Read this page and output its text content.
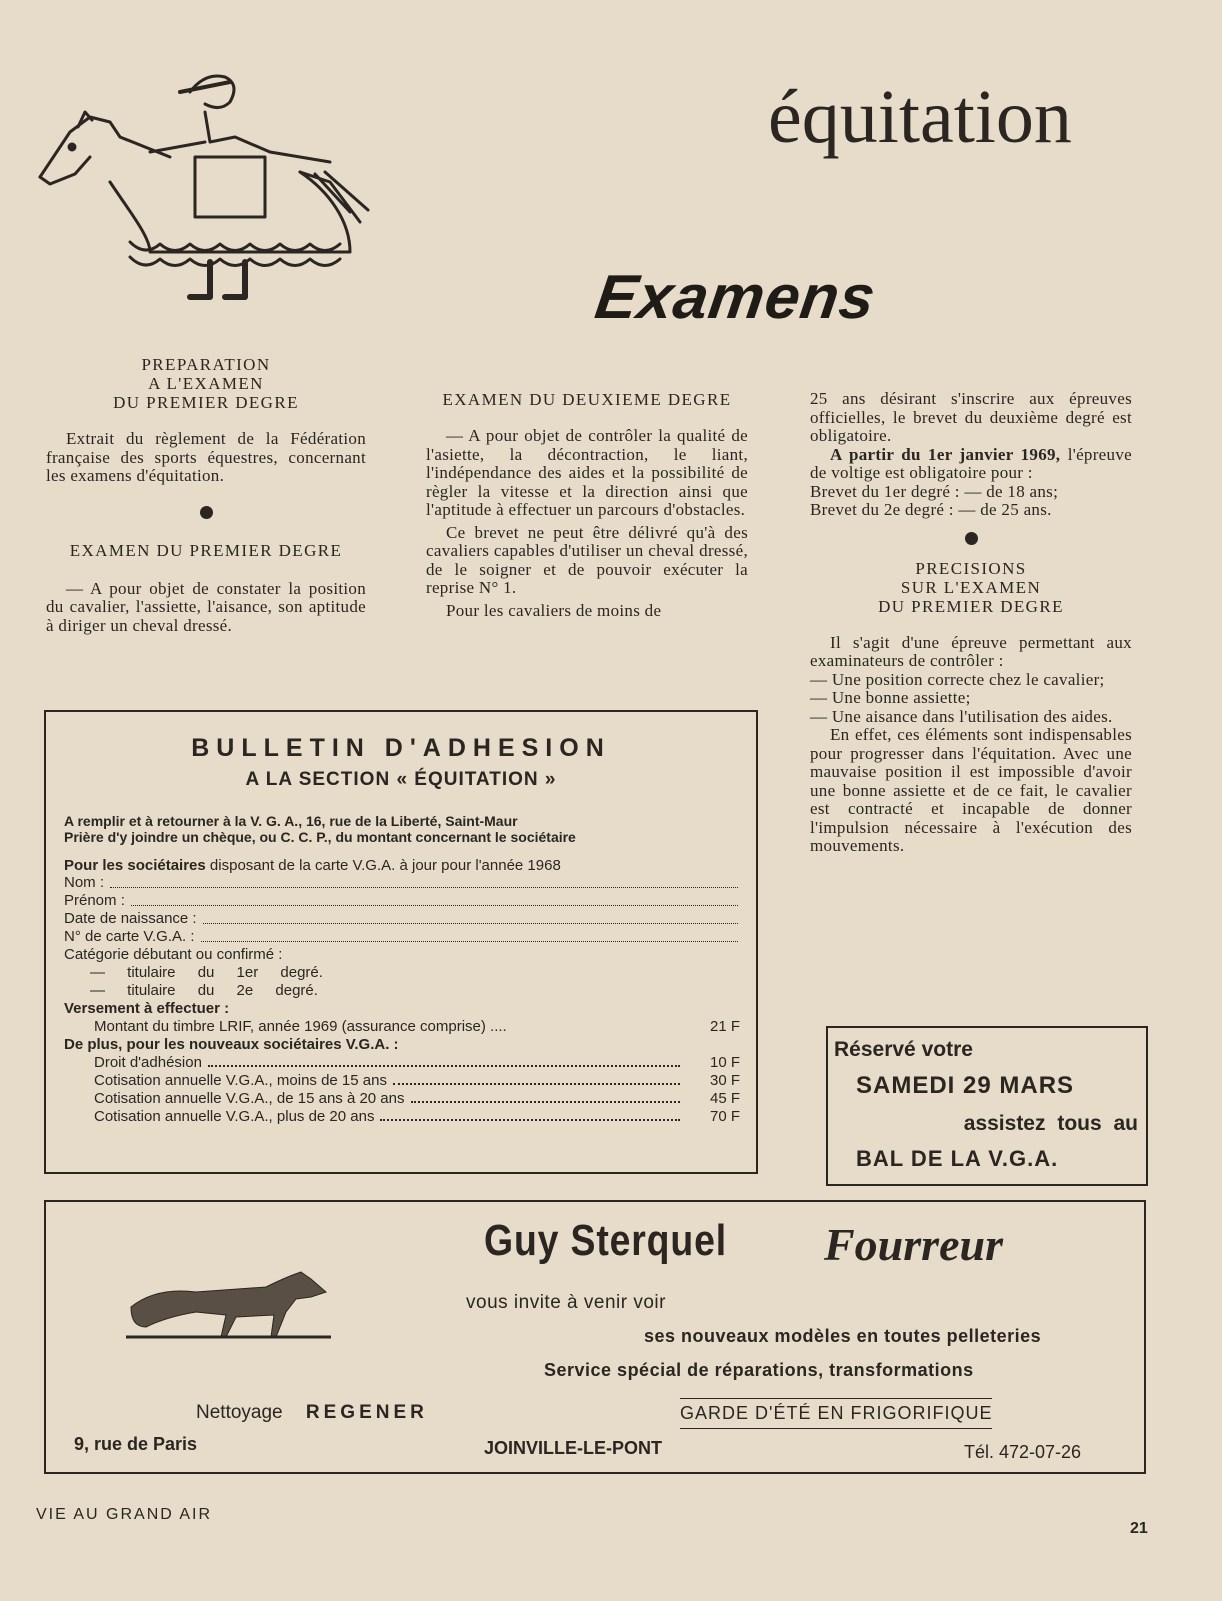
équitation
Examens
PREPARATION
A L'EXAMEN
DU PREMIER DEGRE

Extrait du règlement de la Fédération française des sports équestres, concernant les examens d'équitation.

EXAMEN DU PREMIER DEGRE

— A pour objet de constater la position du cavalier, l'assiette, l'aisance, son aptitude à diriger un cheval dressé.

EXAMEN DU DEUXIEME DEGRE

— A pour objet de contrôler la qualité de l'asiette, la décontraction, le liant, l'indépendance des aides et la possibilité de règler la vitesse et la direction ainsi que l'aptitude à effectuer un parcours d'obstacles.

Ce brevet ne peut être délivré qu'à des cavaliers capables d'utiliser un cheval dressé, de le soigner et de pouvoir exécuter la reprise N° 1.

Pour les cavaliers de moins de

25 ans désirant s'inscrire aux épreuves officielles, le brevet du deuxième degré est obligatoire.

A partir du 1er janvier 1969, l'épreuve de voltige est obligatoire pour :

Brevet du 1er degré : — de 18 ans;

Brevet du 2e degré : — de 25 ans.

PRECISIONS
SUR L'EXAMEN
DU PREMIER DEGRE

Il s'agit d'une épreuve permettant aux examinateurs de contrôler :

— Une position correcte chez le cavalier;

— Une bonne assiette;

— Une aisance dans l'utilisation des aides.

En effet, ces éléments sont indispensables pour progresser dans l'équitation. Avec une mauvaise position il est impossible d'avoir une bonne assiette et de ce fait, le cavalier est contracté et incapable de donner l'impulsion nécessaire à l'exécution des mouvements.

BULLETIN D'ADHESION
A LA SECTION « ÉQUITATION »
A remplir et à retourner à la V. G. A., 16, rue de la Liberté, Saint-Maur
Prière d'y joindre un chèque, ou C. C. P., du montant concernant le sociétaire
Pour les sociétaires disposant de la carte V.G.A. à jour pour l'année 1968
Nom :
Prénom :
Date de naissance :
N° de carte V.G.A. :
Catégorie débutant ou confirmé :
— titulaire du 1er degré.
— titulaire du 2e degré.
Versement à effectuer :
Montant du timbre LRIF, année 1969 (assurance comprise) ....	21 F
De plus, pour les nouveaux sociétaires V.G.A. :
Droit d'adhésion	10 F
Cotisation annuelle V.G.A., moins de 15 ans	30 F
Cotisation annuelle V.G.A., de 15 ans à 20 ans	45 F
Cotisation annuelle V.G.A., plus de 20 ans	70 F
Réservé votre
SAMEDI 29 MARS
assistez tous au
BAL DE LA V.G.A.
Guy Sterquel Fourreur
vous invite à venir voir
ses nouveaux modèles en toutes pelleteries
Service spécial de réparations, transformations
Nettoyage REGENER	GARDE D'ÉTÉ EN FRIGORIFIQUE
9, rue de Paris	JOINVILLE-LE-PONT	Tél. 472-07-26
VIE AU GRAND AIR
21
